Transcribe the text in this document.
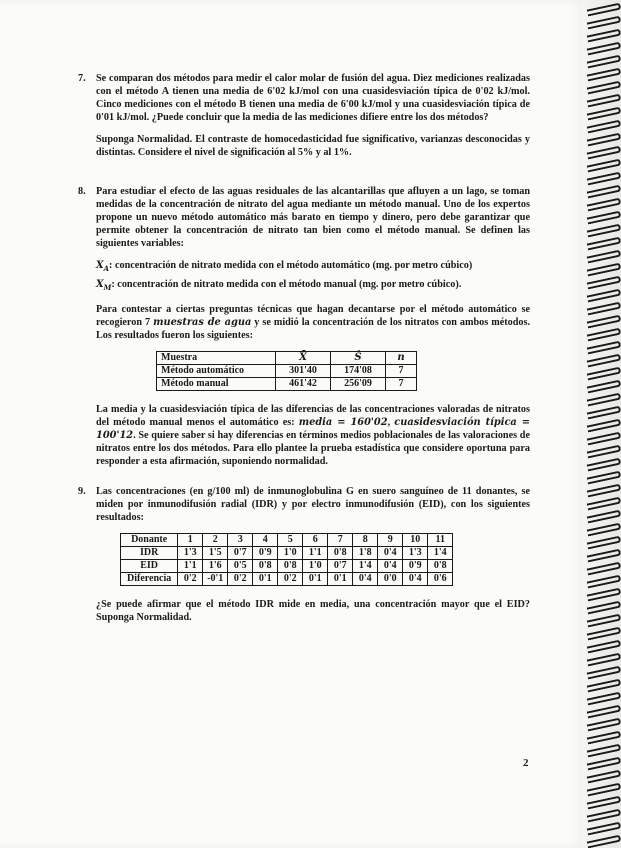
7. Se comparan dos métodos para medir el calor molar de fusión del agua. Diez mediciones realizadas con el método A tienen una media de 6'02 kJ/mol con una cuasidesviación típica de 0'02 kJ/mol. Cinco mediciones con el método B tienen una media de 6'00 kJ/mol y una cuasidesviación típica de 0'01 kJ/mol. ¿Puede concluir que la media de las mediciones difiere entre los dos métodos?

Suponga Normalidad. El contraste de homocedasticidad fue significativo, varianzas desconocidas y distintas. Considere el nivel de significación al 5% y al 1%.

8. Para estudiar el efecto de las aguas residuales de las alcantarillas que afluyen a un lago, se toman medidas de la concentración de nitrato del agua mediante un método manual. Uno de los expertos propone un nuevo método automático más barato en tiempo y dinero, pero debe garantizar que permite obtener la concentración de nitrato tan bien como el método manual. Se definen las siguientes variables:

$X_A$: concentración de nitrato medida con el método automático (mg. por metro cúbico)
$X_M$: concentración de nitrato medida con el método manual (mg. por metro cúbico).

Para contestar a ciertas preguntas técnicas que hagan decantarse por el método automático se recogieron 7 muestras de agua y se midió la concentración de los nitratos con ambos métodos. Los resultados fueron los siguientes:

Muestra	X̄	Ŝ	n
Método automático	301'40	174'08	7
Método manual	461'42	256'09	7

La media y la cuasidesviación típica de las diferencias de las concentraciones valoradas de nitratos del método manual menos el automático es: media = 160'02, cuasidesviación típica = 100'12. Se quiere saber si hay diferencias en términos medios poblacionales de las valoraciones de nitratos entre los dos métodos. Para ello plantee la prueba estadística que considere oportuna para responder a esta afirmación, suponiendo normalidad.

9. Las concentraciones (en g/100 ml) de inmunoglobulina G en suero sanguíneo de 11 donantes, se miden por inmunodifusión radial (IDR) y por electro inmunodifusión (EID), con los siguientes resultados:

Donante	1	2	3	4	5	6	7	8	9	10	11
IDR	1'3	1'5	0'7	0'9	1'0	1'1	0'8	1'8	0'4	1'3	1'4
EID	1'1	1'6	0'5	0'8	0'8	1'0	0'7	1'4	0'4	0'9	0'8
Diferencia	0'2	-0'1	0'2	0'1	0'2	0'1	0'1	0'4	0'0	0'4	0'6

¿Se puede afirmar que el método IDR mide en media, una concentración mayor que el EID? Suponga Normalidad.

2
